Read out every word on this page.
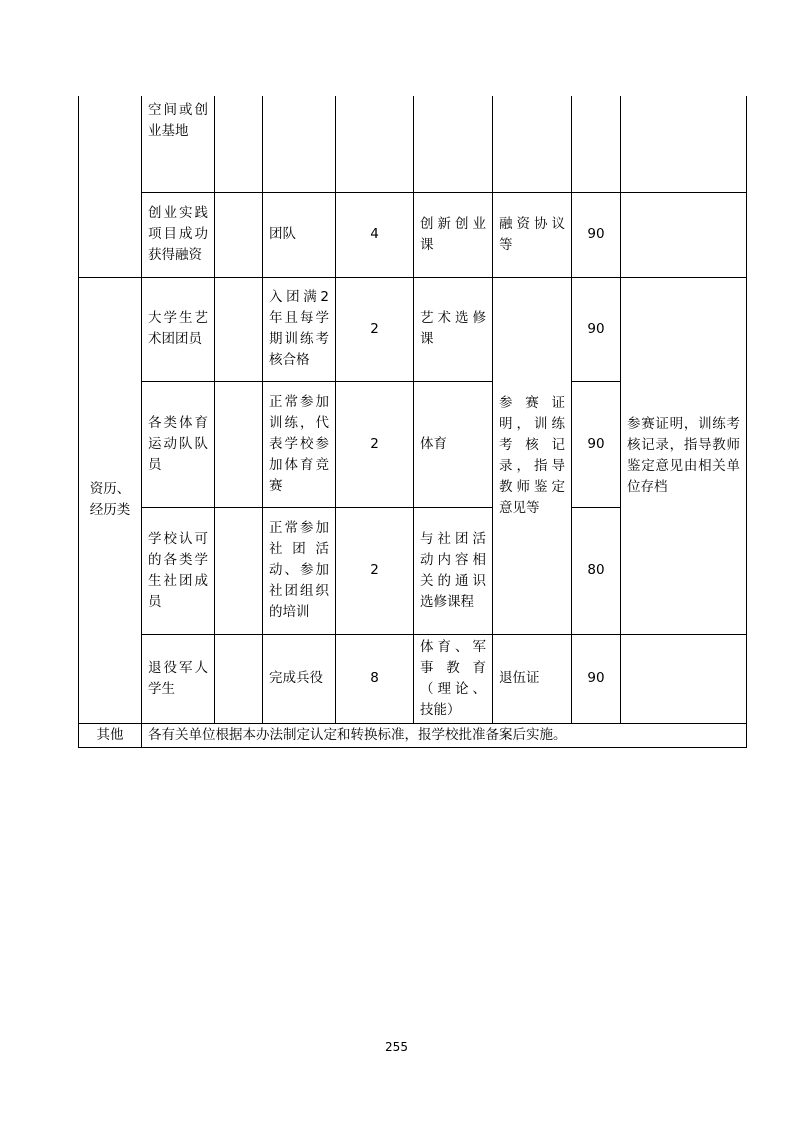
	空间或创业基地							
	创业实践项目成功获得融资		团队	4	创新创业课	融资协议等	90	
资历、经历类	大学生艺术团团员		入团满2年且每学期训练考核合格	2	艺术选修课	参赛证明，训练考核记录，指导 教师鉴定意见等	90	参赛证明，训练考核记录，指导教师鉴定意见由相关单位存档
	各类体育运动队队员		正常参加训练，代表学校参加体育竞赛	2	体育		90	
	学校认可的各类学生社团成员		正常参加社团活动、参加社团组织的培训	2	与社团活动内容相关的通识选修课程		80	
	退役军人学生		完成兵役	8	体育、军事教育（理论、技能）	退伍证	90	
其他	各有关单位根据本办法制定认定和转换标准，报学校批准备案后实施。							
255
